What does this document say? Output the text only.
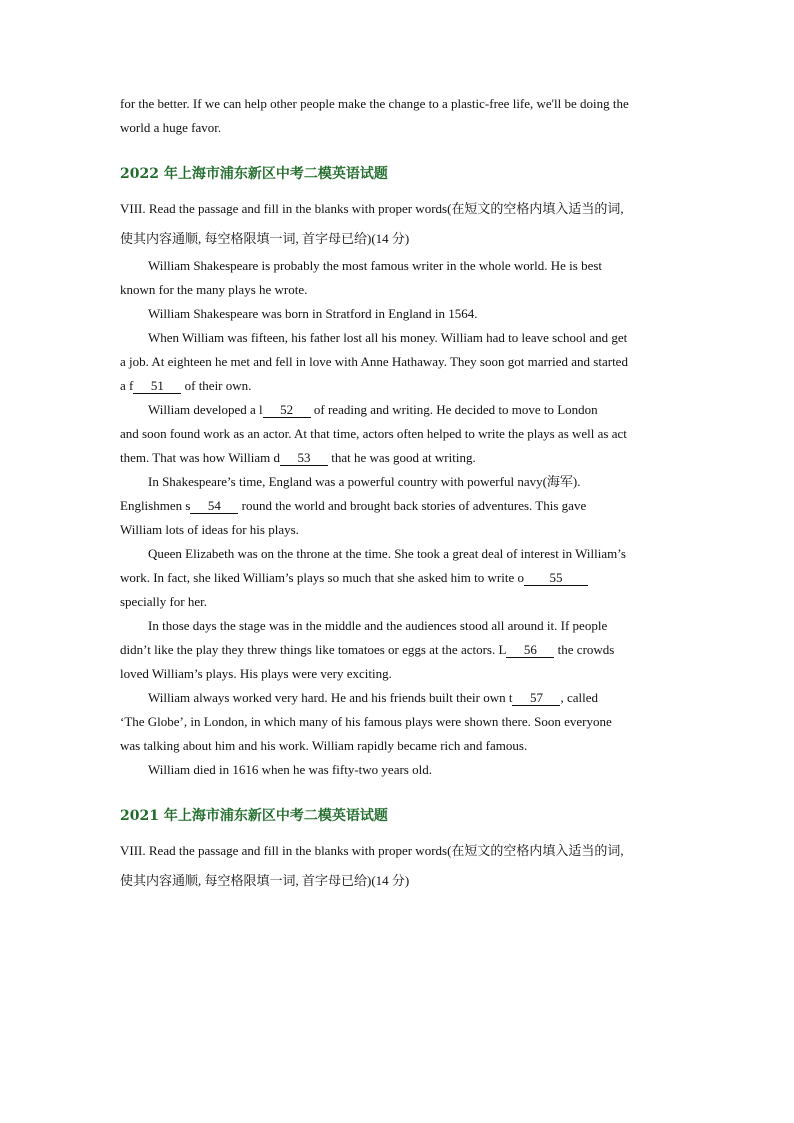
for the better. If we can help other people make the change to a plastic-free life, we'll be doing the
world a huge favor.
2022 年上海市浦东新区中考二模英语试题
VIII. Read the passage and fill in the blanks with proper words(在短文的空格内填入适当的词,
使其内容通顺, 每空格限填一词, 首字母已给)(14 分)
William Shakespeare is probably the most famous writer in the whole world. He is best
known for the many plays he wrote.
William Shakespeare was born in Stratford in England in 1564.
When William was fifteen, his father lost all his money. William had to leave school and get
a job. At eighteen he met and fell in love with Anne Hathaway. They soon got married and started
a f 51 of their own.
William developed a l 52 of reading and writing. He decided to move to London
and soon found work as an actor. At that time, actors often helped to write the plays as well as act
them. That was how William d 53 that he was good at writing.
In Shakespeare’s time, England was a powerful country with powerful navy(海军).
Englishmen s 54 round the world and brought back stories of adventures. This gave
William lots of ideas for his plays.
Queen Elizabeth was on the throne at the time. She took a great deal of interest in William’s
work. In fact, she liked William’s plays so much that she asked him to write o 55
specially for her.
In those days the stage was in the middle and the audiences stood all around it. If people
didn’t like the play they threw things like tomatoes or eggs at the actors. L 56 the crowds
loved William’s plays. His plays were very exciting.
William always worked very hard. He and his friends built their own t 57 , called
‘The Globe’, in London, in which many of his famous plays were shown there. Soon everyone
was talking about him and his work. William rapidly became rich and famous.
William died in 1616 when he was fifty-two years old.
2021 年上海市浦东新区中考二模英语试题
VIII. Read the passage and fill in the blanks with proper words(在短文的空格内填入适当的词,
使其内容通顺, 每空格限填一词, 首字母已给)(14 分)
